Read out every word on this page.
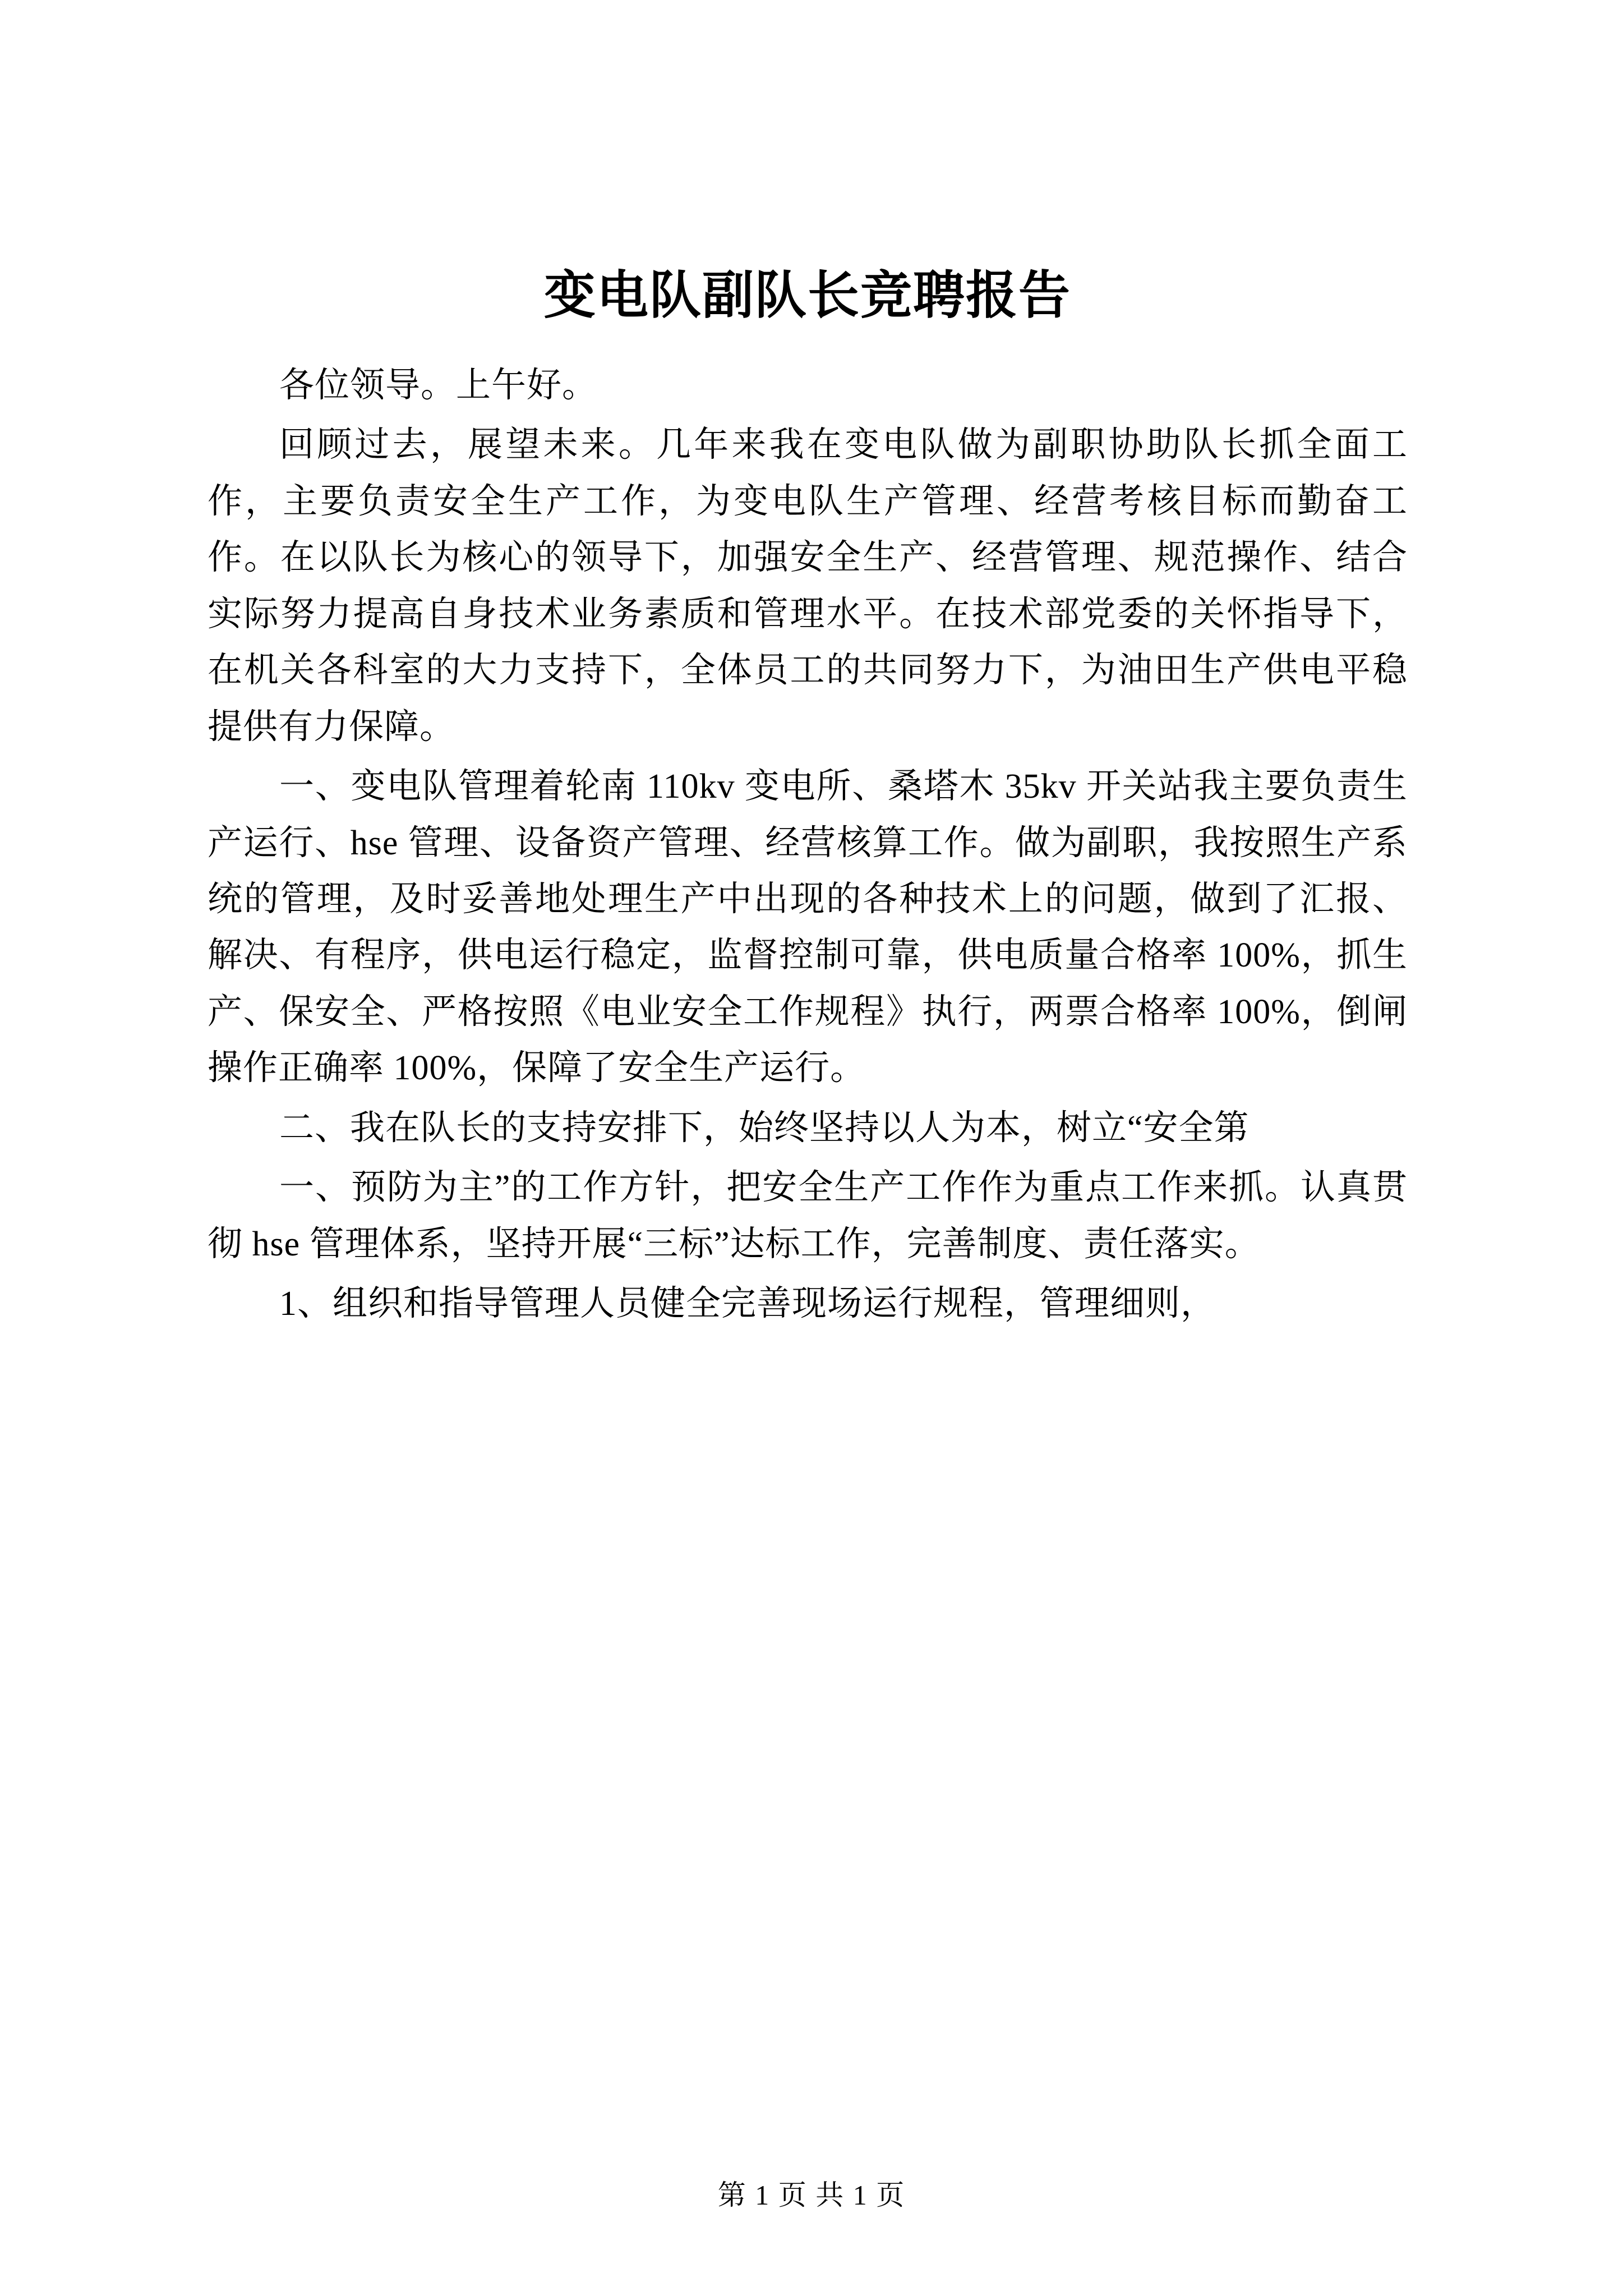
变电队副队长竞聘报告

各位领导。上午好。

回顾过去，展望未来。几年来我在变电队做为副职协助队长抓全面工作，主要负责安全生产工作，为变电队生产管理、经营考核目标而勤奋工作。在以队长为核心的领导下，加强安全生产、经营管理、规范操作、结合实际努力提高自身技术业务素质和管理水平。在技术部党委的关怀指导下，在机关各科室的大力支持下，全体员工的共同努力下，为油田生产供电平稳提供有力保障。

一、变电队管理着轮南 110kv 变电所、桑塔木 35kv 开关站我主要负责生产运行、hse 管理、设备资产管理、经营核算工作。做为副职，我按照生产系统的管理，及时妥善地处理生产中出现的各种技术上的问题，做到了汇报、解决、有程序，供电运行稳定，监督控制可靠，供电质量合格率 100%，抓生产、保安全、严格按照《电业安全工作规程》执行，两票合格率 100%，倒闸操作正确率 100%，保障了安全生产运行。

二、我在队长的支持安排下，始终坚持以人为本，树立“安全第

一、预防为主”的工作方针，把安全生产工作作为重点工作来抓。认真贯彻 hse 管理体系，坚持开展“三标”达标工作，完善制度、责任落实。

1、组织和指导管理人员健全完善现场运行规程，管理细则，

第 1 页 共 1 页
